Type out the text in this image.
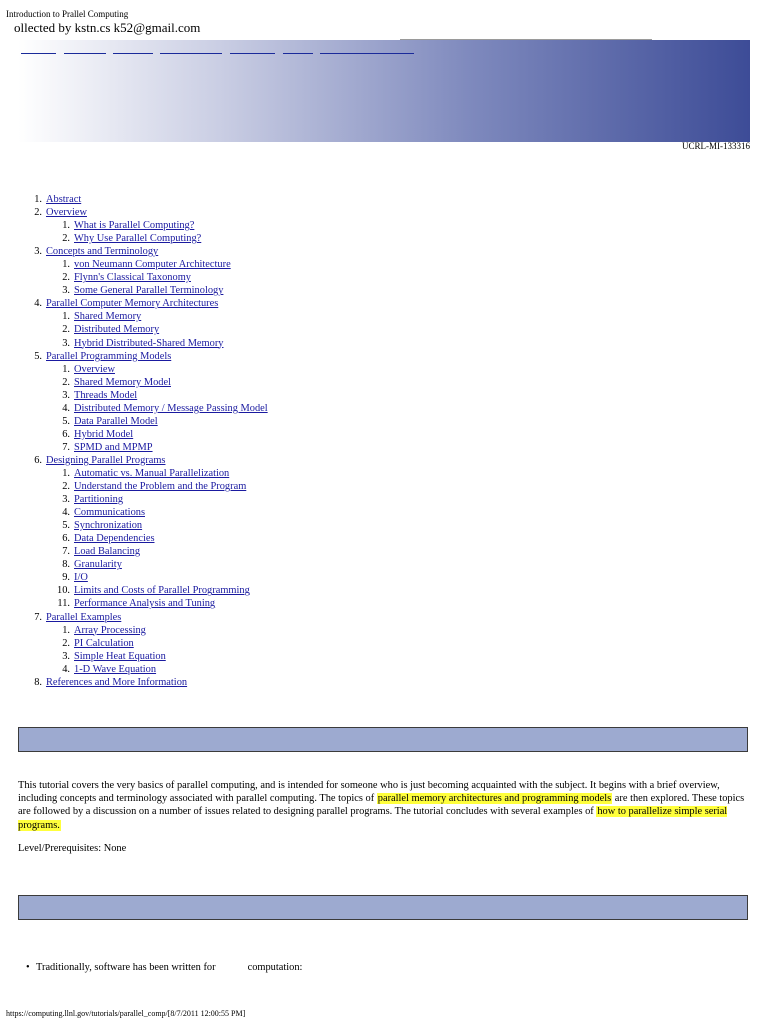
Introduction to Prallel Computing
ollected by kstn.cs k52@gmail.com
UCRL-MI-133316
1. Abstract
2. Overview
1. What is Parallel Computing?
2. Why Use Parallel Computing?
3. Concepts and Terminology
1. von Neumann Computer Architecture
2. Flynn's Classical Taxonomy
3. Some General Parallel Terminology
4. Parallel Computer Memory Architectures
1. Shared Memory
2. Distributed Memory
3. Hybrid Distributed-Shared Memory
5. Parallel Programming Models
1. Overview
2. Shared Memory Model
3. Threads Model
4. Distributed Memory / Message Passing Model
5. Data Parallel Model
6. Hybrid Model
7. SPMD and MPMP
6. Designing Parallel Programs
1. Automatic vs. Manual Parallelization
2. Understand the Problem and the Program
3. Partitioning
4. Communications
5. Synchronization
6. Data Dependencies
7. Load Balancing
8. Granularity
9. I/O
10. Limits and Costs of Parallel Programming
11. Performance Analysis and Tuning
7. Parallel Examples
1. Array Processing
2. PI Calculation
3. Simple Heat Equation
4. 1-D Wave Equation
8. References and More Information

This tutorial covers the very basics of parallel computing, and is intended for someone who is just becoming acquainted with the subject. It begins with a brief overview, including concepts and terminology associated with parallel computing. The topics of parallel memory architectures and programming models are then explored. These topics are followed by a discussion on a number of issues related to designing parallel programs. The tutorial concludes with several examples of how to parallelize simple serial programs.

Level/Prerequisites: None
• Traditionally, software has been written for	computation:
https://computing.llnl.gov/tutorials/parallel_comp/[8/7/2011 12:00:55 PM]
